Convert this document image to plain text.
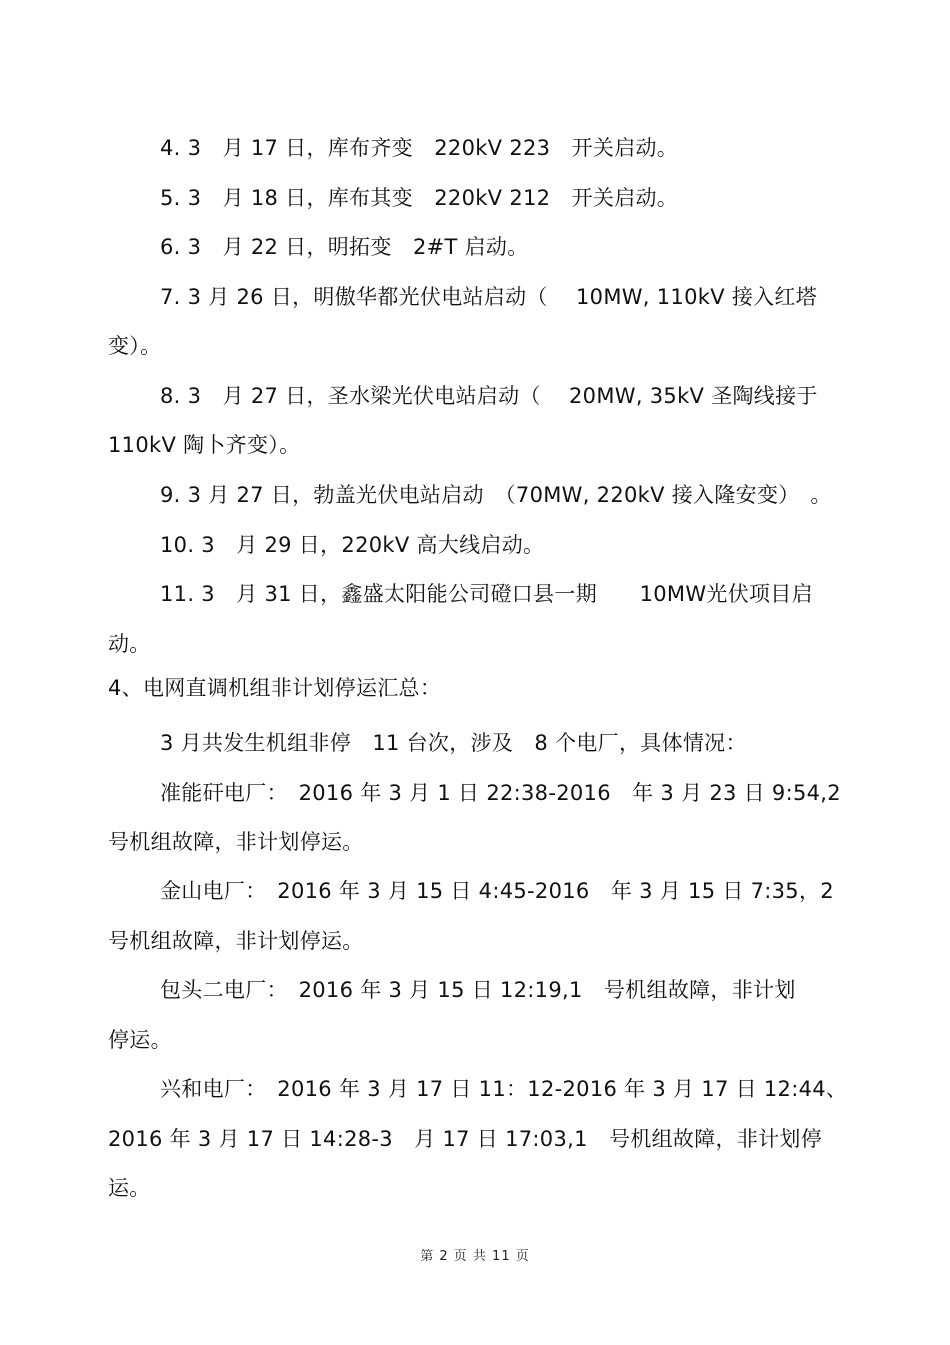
4. 3　月 17 日，库布齐变　220kV 223　开关启动。

5. 3　月 18 日，库布其变　220kV 212　开关启动。

6. 3　月 22 日，明拓变　2#T 启动。

7. 3 月 26 日，明傲华都光伏电站启动（　 10MW, 110kV 接入红塔

变）。

8. 3　月 27 日，圣水梁光伏电站启动（　 20MW, 35kV 圣陶线接于

110kV 陶卜齐变）。

9. 3 月 27 日，勃盖光伏电站启动　（70MW, 220kV 接入隆安变）　。

10. 3　月 29 日，220kV 高大线启动。

11. 3　月 31 日，鑫盛太阳能公司磴口县一期　　10MW光伏项目启

动。

4、电网直调机组非计划停运汇总：

3 月共发生机组非停　11 台次，涉及　8 个电厂，具体情况：

准能矸电厂：　2016 年 3 月 1 日 22:38-2016　年 3 月 23 日 9:54,2

号机组故障，非计划停运。

金山电厂：　2016 年 3 月 15 日 4:45-2016　年 3 月 15 日 7:35，2

号机组故障，非计划停运。

包头二电厂：　2016 年 3 月 15 日 12:19,1　号机组故障，非计划

停运。

兴和电厂：　2016 年 3 月 17 日 11：12-2016 年 3 月 17 日 12:44、

2016 年 3 月 17 日 14:28-3　月 17 日 17:03,1　号机组故障，非计划停

运。

第 2 页 共 11 页
